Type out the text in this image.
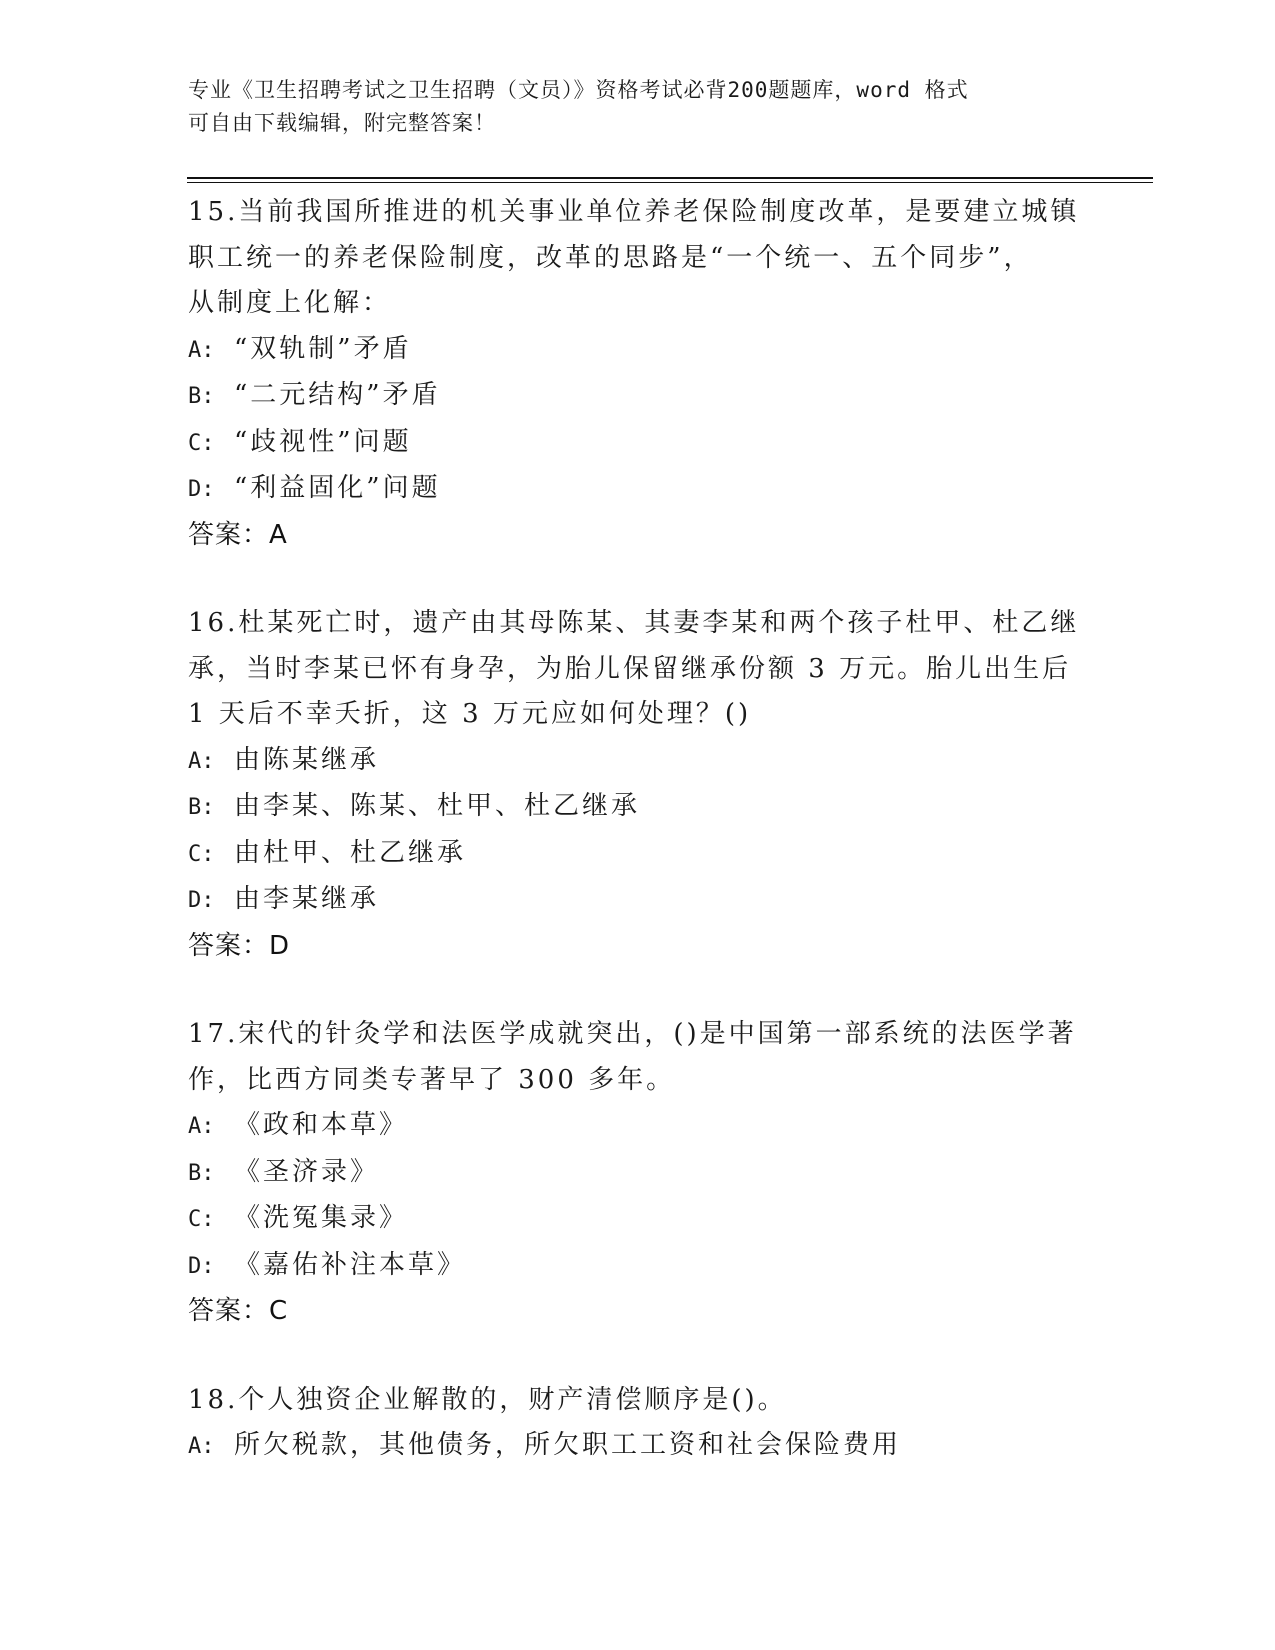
专业《卫生招聘考试之卫生招聘（文员）》资格考试必背200题题库，word 格式
可自由下载编辑，附完整答案！
15.当前我国所推进的机关事业单位养老保险制度改革，是要建立城镇
职工统一的养老保险制度，改革的思路是“一个统一、五个同步”，
从制度上化解：
A: “双轨制”矛盾
B: “二元结构”矛盾
C: “歧视性”问题
D: “利益固化”问题
答案：A
16.杜某死亡时，遗产由其母陈某、其妻李某和两个孩子杜甲、杜乙继
承，当时李某已怀有身孕，为胎儿保留继承份额 3 万元。胎儿出生后
1 天后不幸夭折，这 3 万元应如何处理？()
A: 由陈某继承
B: 由李某、陈某、杜甲、杜乙继承
C: 由杜甲、杜乙继承
D: 由李某继承
答案：D
17.宋代的针灸学和法医学成就突出，()是中国第一部系统的法医学著
作，比西方同类专著早了 300 多年。
A: 《政和本草》
B: 《圣济录》
C: 《洗冤集录》
D: 《嘉佑补注本草》
答案：C
18.个人独资企业解散的，财产清偿顺序是()。
A: 所欠税款，其他债务，所欠职工工资和社会保险费用
